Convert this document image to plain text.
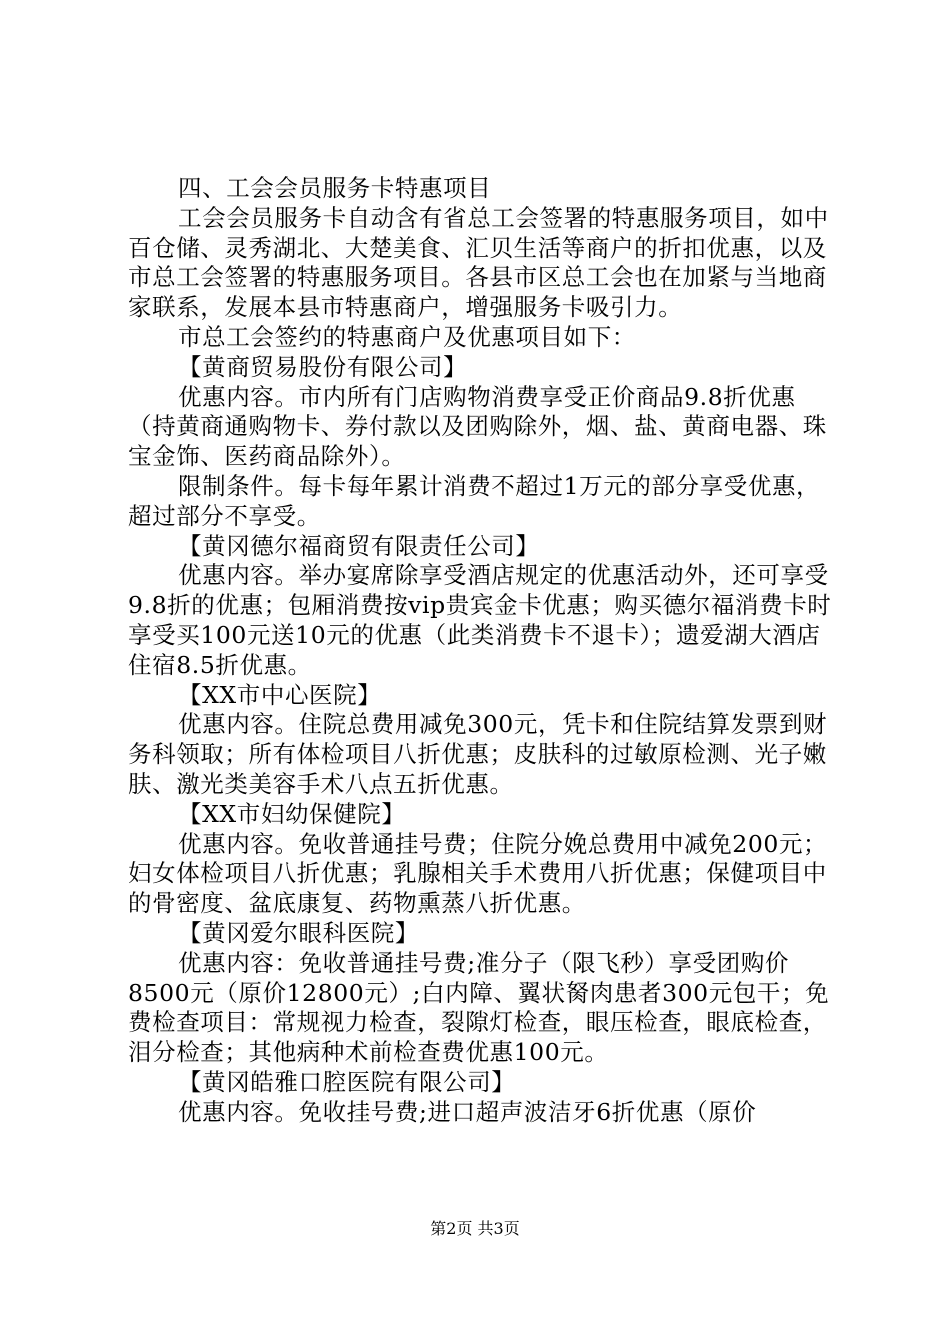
四、工会会员服务卡特惠项目

工会会员服务卡自动含有省总工会签署的特惠服务项目，如中百仓储、灵秀湖北、大楚美食、汇贝生活等商户的折扣优惠，以及市总工会签署的特惠服务项目。各县市区总工会也在加紧与当地商家联系，发展本县市特惠商户，增强服务卡吸引力。

市总工会签约的特惠商户及优惠项目如下：

【黄商贸易股份有限公司】

优惠内容。市内所有门店购物消费享受正价商品9.8折优惠（持黄商通购物卡、券付款以及团购除外，烟、盐、黄商电器、珠宝金饰、医药商品除外）。

限制条件。每卡每年累计消费不超过1万元的部分享受优惠，超过部分不享受。

【黄冈德尔福商贸有限责任公司】

优惠内容。举办宴席除享受酒店规定的优惠活动外，还可享受9.8折的优惠；包厢消费按vip贵宾金卡优惠；购买德尔福消费卡时享受买100元送10元的优惠（此类消费卡不退卡）；遗爱湖大酒店住宿8.5折优惠。

【XX市中心医院】

优惠内容。住院总费用减免300元，凭卡和住院结算发票到财务科领取；所有体检项目八折优惠；皮肤科的过敏原检测、光子嫩肤、激光类美容手术八点五折优惠。

【XX市妇幼保健院】

优惠内容。免收普通挂号费；住院分娩总费用中减免200元；妇女体检项目八折优惠；乳腺相关手术费用八折优惠；保健项目中的骨密度、盆底康复、药物熏蒸八折优惠。

【黄冈爱尔眼科医院】

优惠内容：免收普通挂号费;准分子（限飞秒）享受团购价8500元（原价12800元）;白内障、翼状胬肉患者300元包干；免费检查项目：常规视力检查，裂隙灯检查，眼压检查，眼底检查，泪分检查；其他病种术前检查费优惠100元。

【黄冈皓雅口腔医院有限公司】

优惠内容。免收挂号费;进口超声波洁牙6折优惠（原价

第2页 共3页
